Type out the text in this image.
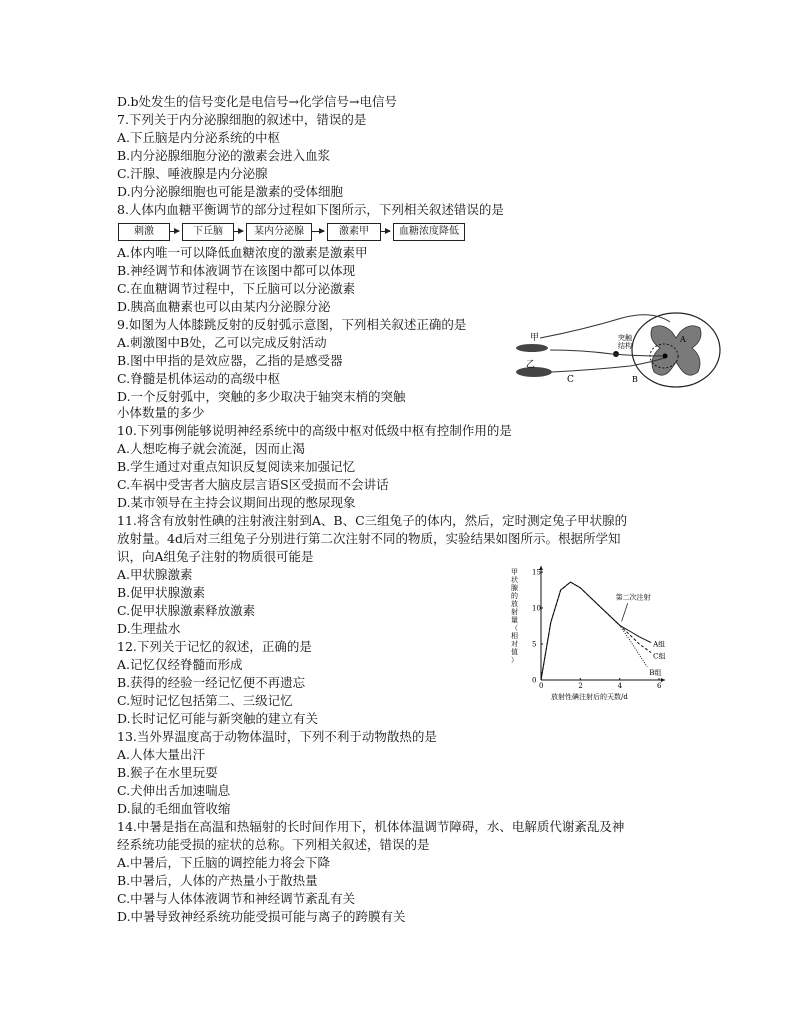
D.b处发生的信号变化是电信号→化学信号→电信号
7.下列关于内分泌腺细胞的叙述中，错误的是
A.下丘脑是内分泌系统的中枢
B.内分泌腺细胞分泌的激素会进入血浆
C.汗腺、唾液腺是内分泌腺
D.内分泌腺细胞也可能是激素的受体细胞
8.人体内血糖平衡调节的部分过程如下图所示，下列相关叙述错误的是
刺激	下丘脑	某内分泌腺	激素甲	血糖浓度降低
A.体内唯一可以降低血糖浓度的激素是激素甲
B.神经调节和体液调节在该图中都可以体现
C.在血糖调节过程中，下丘脑可以分泌激素
D.胰高血糖素也可以由某内分泌腺分泌
9.如图为人体膝跳反射的反射弧示意图，下列相关叙述正确的是
A.刺激图中B处，乙可以完成反射活动
B.图中甲指的是效应器，乙指的是感受器
C.脊髓是机体运动的高级中枢
D.一个反射弧中，突触的多少取决于轴突末梢的突触
小体数量的多少
甲
乙
C
突触结构
A
B
10.下列事例能够说明神经系统中的高级中枢对低级中枢有控制作用的是
A.人想吃梅子就会流涎，因而止渴
B.学生通过对重点知识反复阅读来加强记忆
C.车祸中受害者大脑皮层言语S区受损而不会讲话
D.某市领导在主持会议期间出现的憋尿现象
11.将含有放射性碘的注射液注射到A、B、C三组兔子的体内，然后，定时测定兔子甲状腺的
放射量。4d后对三组兔子分别进行第二次注射不同的物质，实验结果如图所示。根据所学知
识，向A组兔子注射的物质很可能是
A.甲状腺激素
B.促甲状腺激素
C.促甲状腺激素释放激素
D.生理盐水
0	2	4	6
0
5
10
15
甲
状
腺
的
放
射
量
（
相
对
值
）
放射性碘注射后的天数/d
A组
C组
B组
第二次注射
12.下列关于记忆的叙述，正确的是
A.记忆仅经脊髓而形成
B.获得的经验一经记忆便不再遗忘
C.短时记忆包括第二、三级记忆
D.长时记忆可能与新突触的建立有关
13.当外界温度高于动物体温时，下列不利于动物散热的是
A.人体大量出汗
B.猴子在水里玩耍
C.犬伸出舌加速喘息
D.鼠的毛细血管收缩
14.中暑是指在高温和热辐射的长时间作用下，机体体温调节障碍，水、电解质代谢紊乱及神
经系统功能受损的症状的总称。下列相关叙述，错误的是
A.中暑后，下丘脑的调控能力将会下降
B.中暑后，人体的产热量小于散热量
C.中暑与人体体液调节和神经调节紊乱有关
D.中暑导致神经系统功能受损可能与离子的跨膜有关
